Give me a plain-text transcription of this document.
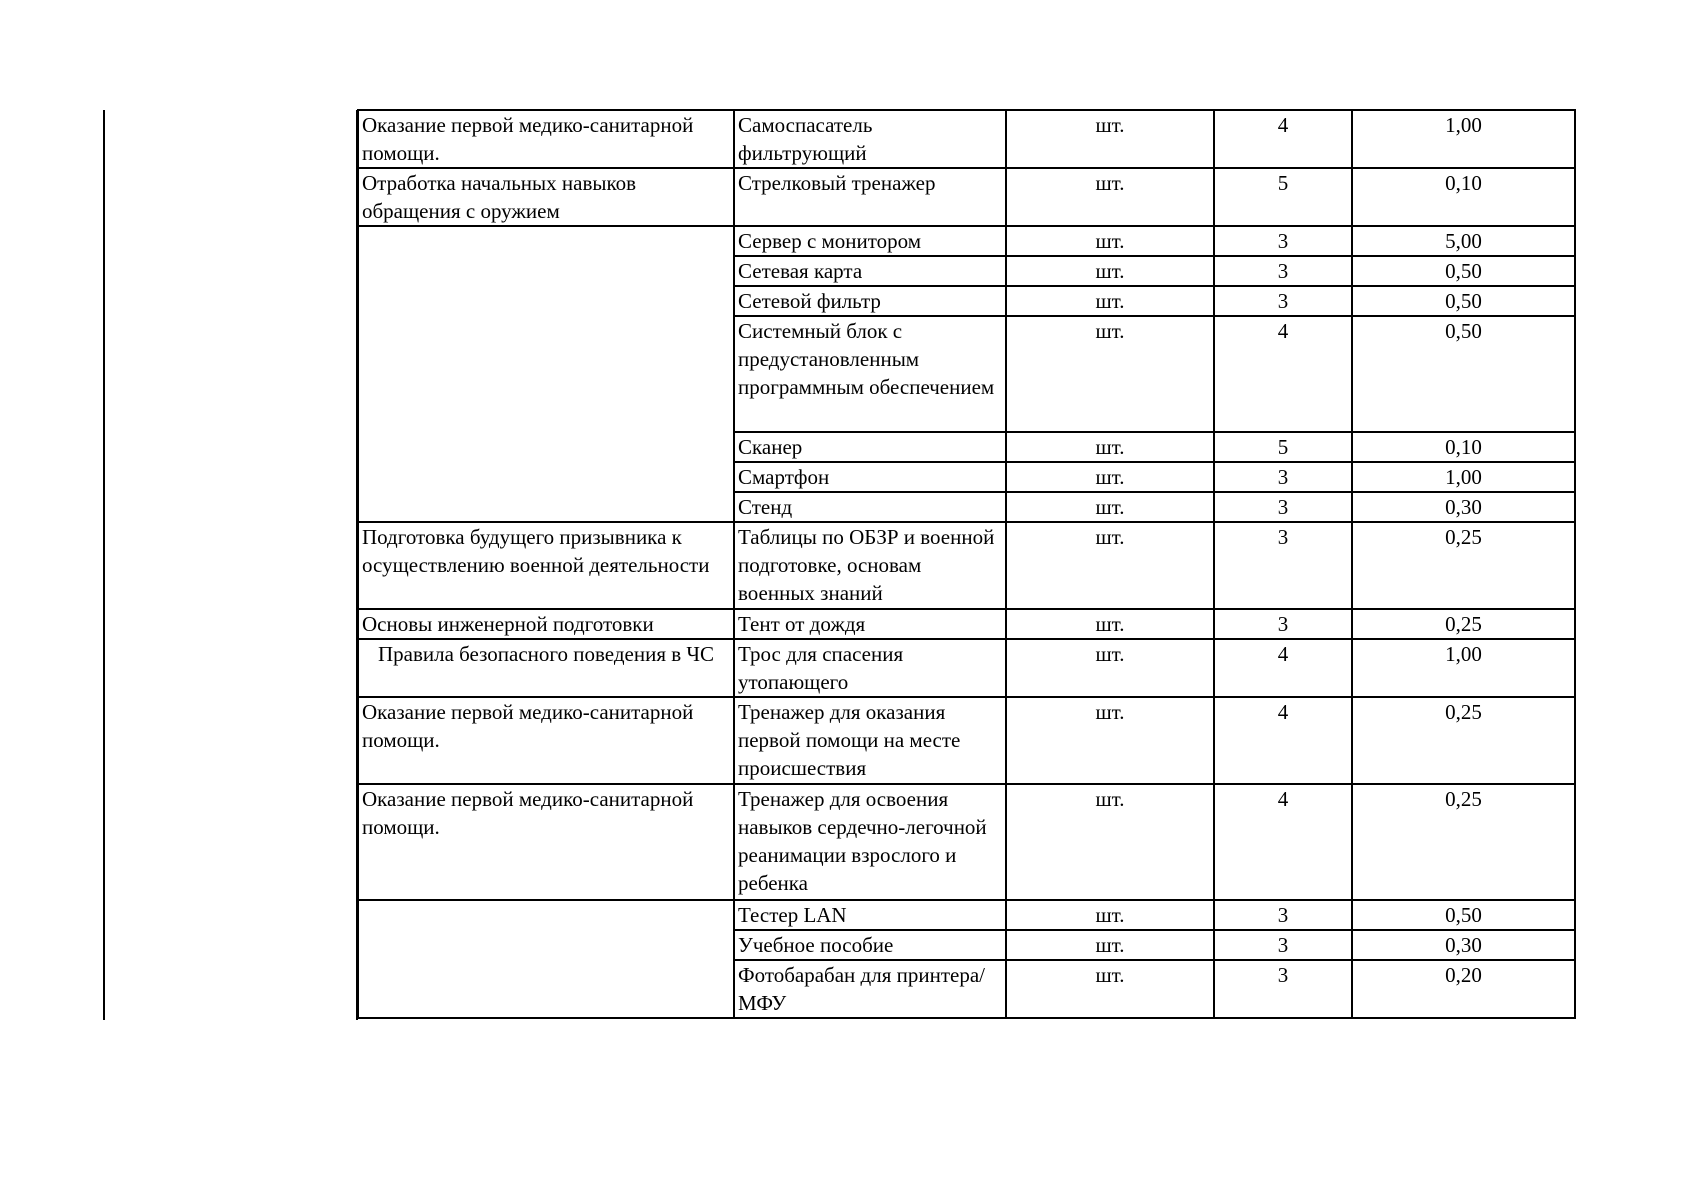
Оказание первой медико-санитарной помощи.	Самоспасатель фильтрующий	шт.	4	1,00
Отработка начальных навыков обращения с оружием	Стрелковый тренажер	шт.	5	0,10
	Сервер с монитором	шт.	3	5,00
	Сетевая карта	шт.	3	0,50
	Сетевой фильтр	шт.	3	0,50
	Системный блок с предустановленным программным обеспечением	шт.	4	0,50
	Сканер	шт.	5	0,10
	Смартфон	шт.	3	1,00
	Стенд	шт.	3	0,30
Подготовка будущего призывника к осуществлению военной деятельности	Таблицы по ОБЗР и военной подготовке, основам военных знаний	шт.	3	0,25
Основы инженерной подготовки	Тент от дождя	шт.	3	0,25
Правила безопасного поведения в ЧС	Трос для спасения утопающего	шт.	4	1,00
Оказание первой медико-санитарной помощи.	Тренажер для оказания первой помощи на месте происшествия	шт.	4	0,25
Оказание первой медико-санитарной помощи.	Тренажер для освоения навыков сердечно-легочной реанимации взрослого и ребенка	шт.	4	0,25
	Тестер LAN	шт.	3	0,50
	Учебное пособие	шт.	3	0,30
	Фотобарабан для принтера/МФУ	шт.	3	0,20
